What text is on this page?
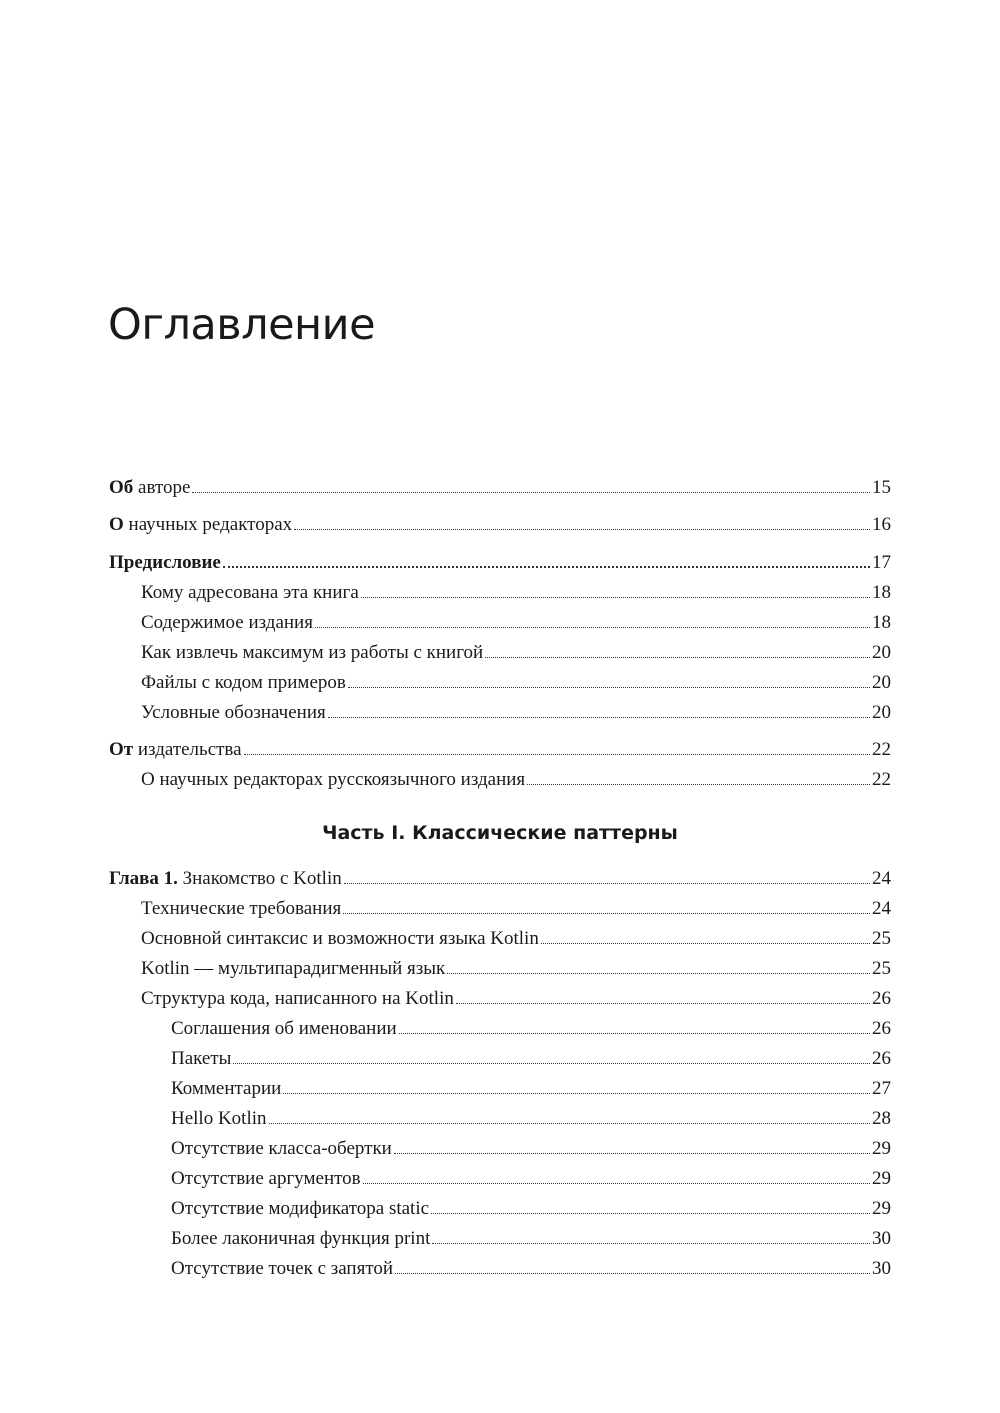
Оглавление
Об авторе	15
О научных редакторах	16
Предисловие	17
Кому адресована эта книга	18
Содержимое издания	18
Как извлечь максимум из работы с книгой	20
Файлы с кодом примеров	20
Условные обозначения	20
От издательства	22
О научных редакторах русскоязычного издания	22
Часть I. Классические паттерны
Глава 1. Знакомство с Kotlin	24
Технические требования	24
Основной синтаксис и возможности языка Kotlin	25
Kotlin — мультипарадигменный язык	25
Структура кода, написанного на Kotlin	26
Соглашения об именовании	26
Пакеты	26
Комментарии	27
Hello Kotlin	28
Отсутствие класса-обертки	29
Отсутствие аргументов	29
Отсутствие модификатора static	29
Более лаконичная функция print	30
Отсутствие точек с запятой	30
